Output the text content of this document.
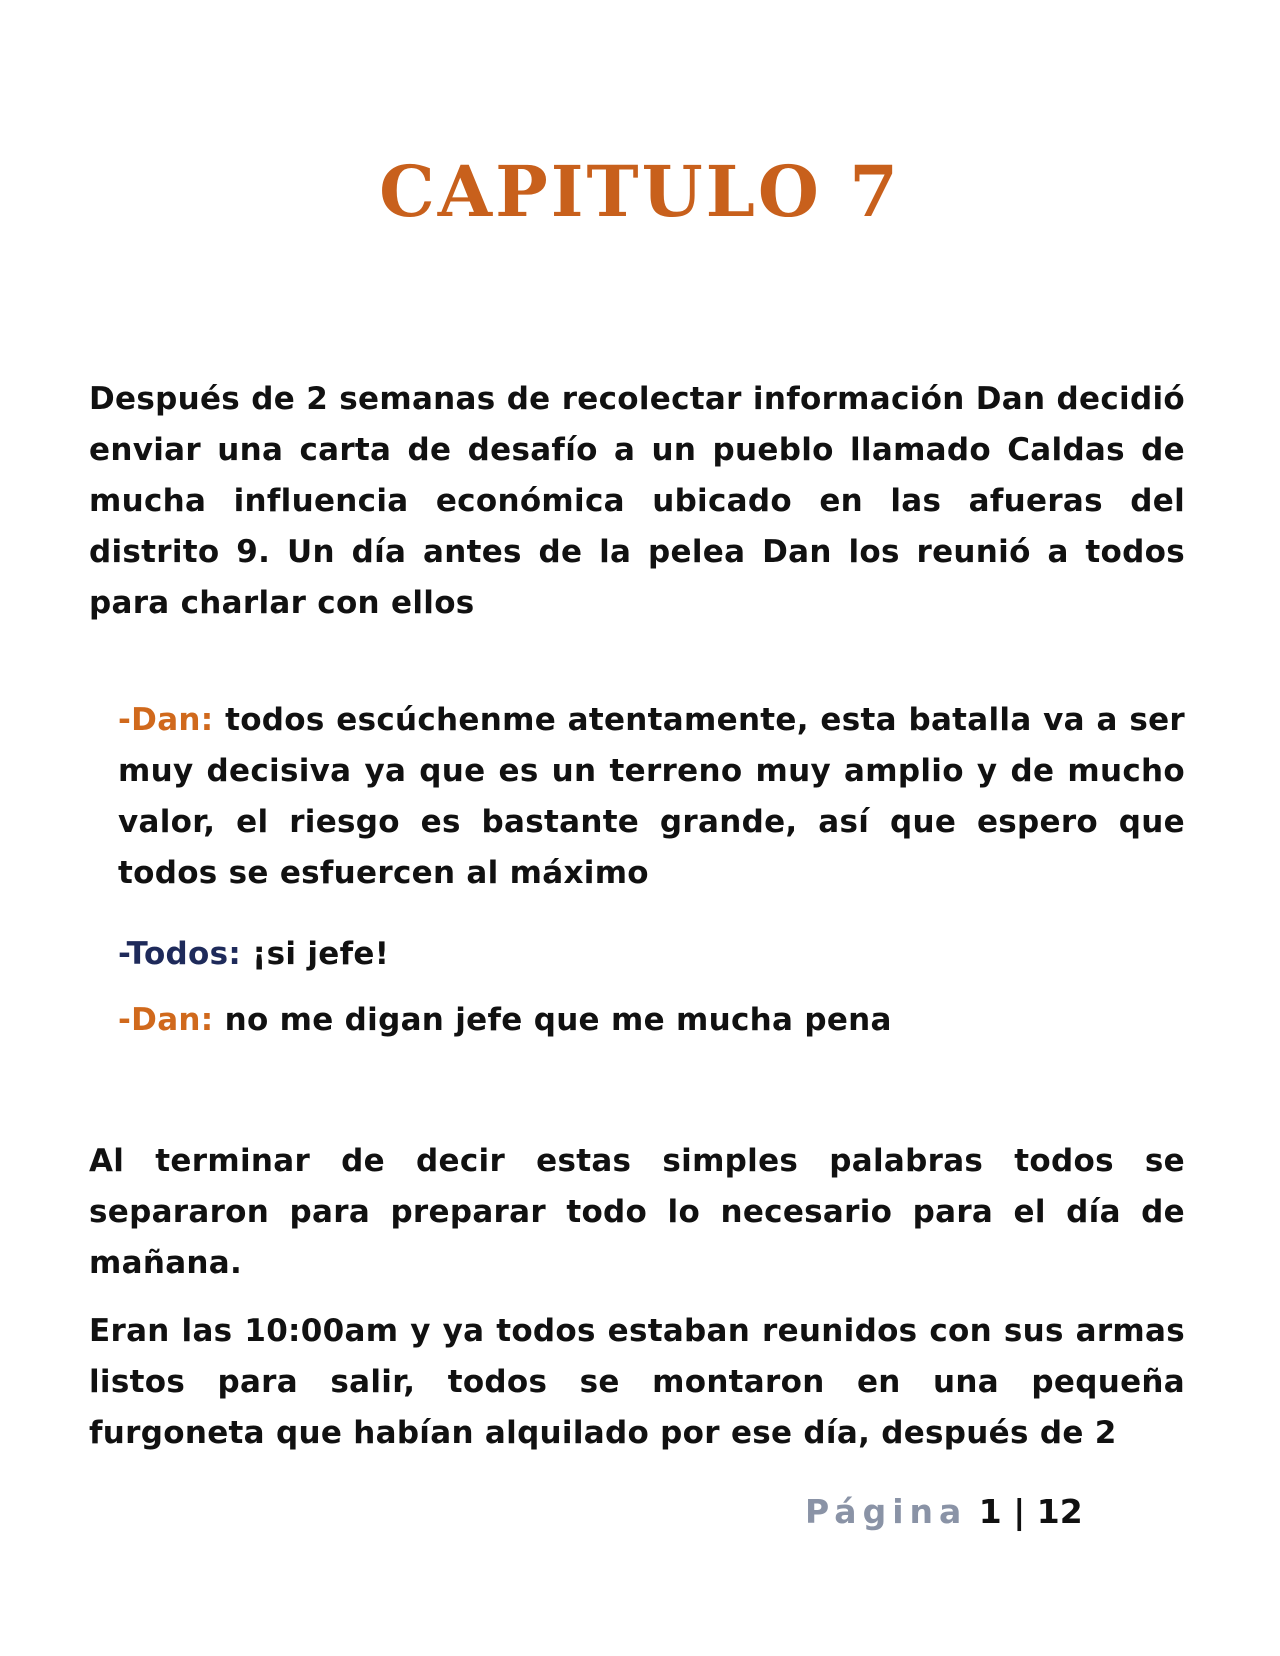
CAPITULO 7

Después de 2 semanas de recolectar información Dan decidió enviar una carta de desafío a un pueblo llamado Caldas de mucha influencia económica ubicado en las afueras del distrito 9. Un día antes de la pelea Dan los reunió a todos para charlar con ellos

-Dan: todos escúchenme atentamente, esta batalla va a ser muy decisiva ya que es un terreno muy amplio y de mucho valor, el riesgo es bastante grande, así que espero que todos se esfuercen al máximo

-Todos: ¡si jefe!

-Dan: no me digan jefe que me mucha pena

Al terminar de decir estas simples palabras todos se separaron para preparar todo lo necesario para el día de mañana.

Eran las 10:00am y ya todos estaban reunidos con sus armas listos para salir, todos se montaron en una pequeña furgoneta que habían alquilado por ese día, después de 2

Página 1 | 12
